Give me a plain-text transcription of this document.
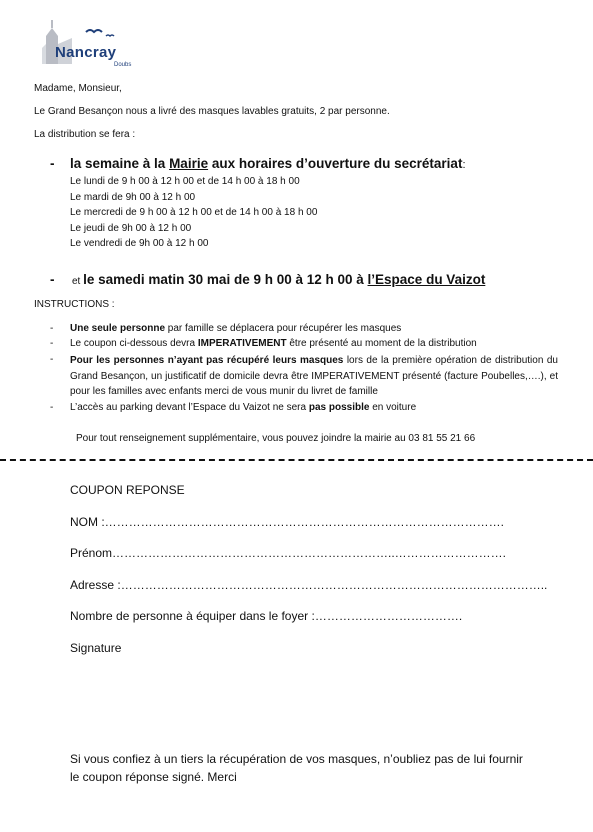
Nancray
Doubs
Madame, Monsieur,
Le Grand Besançon nous a livré des masques lavables gratuits, 2 par personne.
La distribution se fera :
- la semaine à la Mairie aux horaires d’ouverture du secrétariat:
Le lundi de 9 h 00 à 12 h 00 et de 14 h 00 à 18 h 00
Le mardi de 9h 00 à 12 h 00
Le mercredi de 9 h 00 à 12 h 00 et de 14 h 00 à 18 h 00
Le jeudi de 9h 00 à 12 h 00
Le vendredi de 9h 00 à 12 h 00
- et le samedi matin 30 mai de 9 h 00 à 12 h 00 à l’Espace du Vaizot
INSTRUCTIONS :
- Une seule personne par famille se déplacera pour récupérer les masques
- Le coupon ci-dessous devra IMPERATIVEMENT être présenté au moment de la distribution
- Pour les personnes n’ayant pas récupéré leurs masques lors de la première opération de distribution du Grand Besançon, un justificatif de domicile devra être IMPERATIVEMENT présenté (facture Poubelles,….), et pour les familles avec enfants merci de vous munir du livret de famille
- L’accès au parking devant l’Espace du Vaizot ne sera pas possible en voiture
Pour tout renseignement supplémentaire, vous pouvez joindre la mairie au 03 81 55 21 66
COUPON REPONSE
NOM :……………………………………………………………………………………….
Prénom……………………………………………………………..……………………….
Adresse :……………………………………………………………………………………………..
Nombre de personne à équiper dans le foyer :……………………………….
Signature
Si vous confiez à un tiers la récupération de vos masques, n’oubliez pas de lui fournir
le coupon réponse signé. Merci
